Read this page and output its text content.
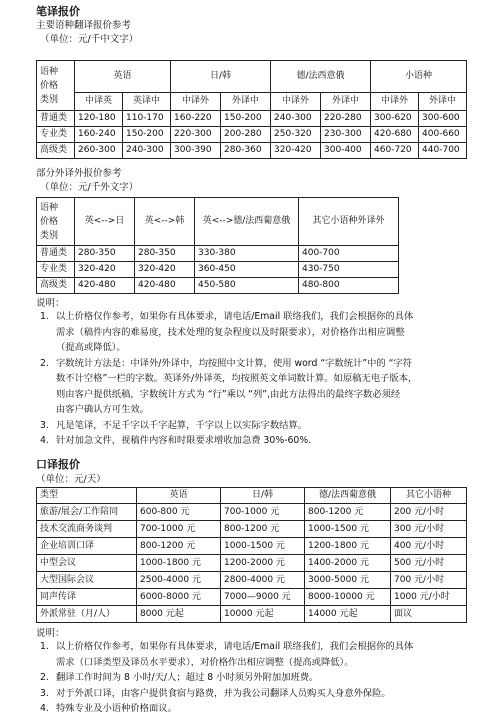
笔译报价
主要语种翻译报价参考
（单位：元/千中文字）
语种
价格
类别	英语		日/韩		德/法西意俄		小语种	
	中译英	英译中	中译外	外译中	中译外	外译中	中译外	外译中
普通类	120-180	110-170	160-220	150-200	240-300	220-280	300-620	300-600
专业类	160-240	150-200	220-300	200-280	250-320	230-300	420-680	400-660
高级类	260-300	240-300	300-390	280-360	320-420	300-400	460-720	440-700
部分外译外报价参考
（单位：元/千外文字）
语种
价格
类别	英<-->日	英<-->韩	英<-->德/法西葡意俄	其它小语种外译外
普通类	280-350	280-350	330-380	400-700
专业类	320-420	320-420	360-450	430-750
高级类	420-480	420-480	450-580	480-800
说明：
1. 以上价格仅作参考，如果你有具体要求，请电话/Email 联络我们，我们会根据你的具体
需求（稿件内容的难易度，技术处理的复杂程度以及时限要求），对价格作出相应调整
（提高或降低）。
2. 字数统计方法是：中译外/外译中，均按照中文计算，使用 word “字数统计”中的 “字符
数不计空格”一栏的字数。英译外/外译英，均按照英文单词数计算。如原稿无电子版本，
则由客户提供纸稿，字数统计方式为 “行”乘以 “列”,由此方法得出的最终字数必须经
由客户确认方可生效。
3. 凡是笔译，不足千字以千字起算，千字以上以实际字数结算。
4. 针对加急文件，视稿件内容和时限要求增收加急费 30%-60%.
口译报价
（单位：元/天）
类型	英语	日/韩	德/法西葡意俄	其它小语种
旅游/展会/工作陪同	600-800 元	700-1000 元	800-1200 元	200 元/小时
技术交流商务谈判	700-1000 元	800-1200 元	1000-1500 元	300 元/小时
企业培训口译	800-1200 元	1000-1500 元	1200-1800 元	400 元/小时
中型会议	1000-1800 元	1200-2000 元	1400-2000 元	500 元/小时
大型国际会议	2500-4000 元	2800-4000 元	3000-5000 元	700 元/小时
同声传译	6000-8000 元	7000—9000 元	8000-10000 元	1000 元/小时
外派常驻（月/人）	8000 元起	10000 元起	14000 元起	面议
说明：
1. 以上价格仅作参考，如果你有具体要求，请电话/Email 联络我们，我们会根据你的具体
需求（口译类型及译员水平要求），对价格作出相应调整（提高或降低）。
2. 翻译工作时间为 8 小时/天/人；超过 8 小时须另外附加加班费。
3. 对于外派口译，由客户提供食宿与路费，并为我公司翻译人员购买人身意外保险。
4. 特殊专业及小语种价格面议。
